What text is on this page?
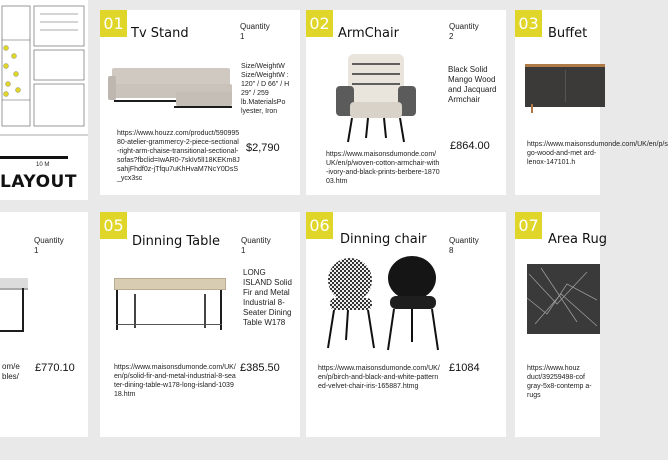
10 M
LAYOUT
01
Tv Stand	Quantity
1
Size/WeightW Size/WeightW : 120" / D 66" / H 29" / 259 lb.MaterialsPo lyester, Iron
https://www.houzz.com/product/59099580-atelier-grammercy-2-piece-sectional-right-arm-chaise-transitional-sectional-sofas?fbclid=IwAR0-7skIv5lI18KEKm8JsahjFhdf0z-jTfqu7uKhHvaM7NcY0DsS_ycx3sc
$2,790
02
ArmChair	Quantity
2
Black Solid Mango Wood and Jacquard Armchair
https://www.maisonsdumonde.com/UK/en/p/woven-cotton-armchair-with-ivory-and-black-prints-berbere-187003.htm
£864.00
03
Buffet
https://www.maisonsdumonde.com/UK/en/p/s go-wood-and-met ard-lenox-147101.h
Quantity
1
om/e bles/
£770.10
05
Dinning Table	Quantity
1
LONG ISLAND Solid Fir and Metal Industrial 8-Seater Dining Table W178
https://www.maisonsdumonde.com/UK/en/p/solid-fir-and-metal-industrial-8-seater-dining-table-w178-long-island-103918.htm
£385.50
06
Dinning chair	Quantity
8
https://www.maisonsdumonde.com/UK/en/p/birch-and-black-and-white-patterned-velvet-chair-iris-165887.htmg
£1084
07
Area Rug
https://www.houz duct/39259498-cof gray-5x8-contemp a-rugs
